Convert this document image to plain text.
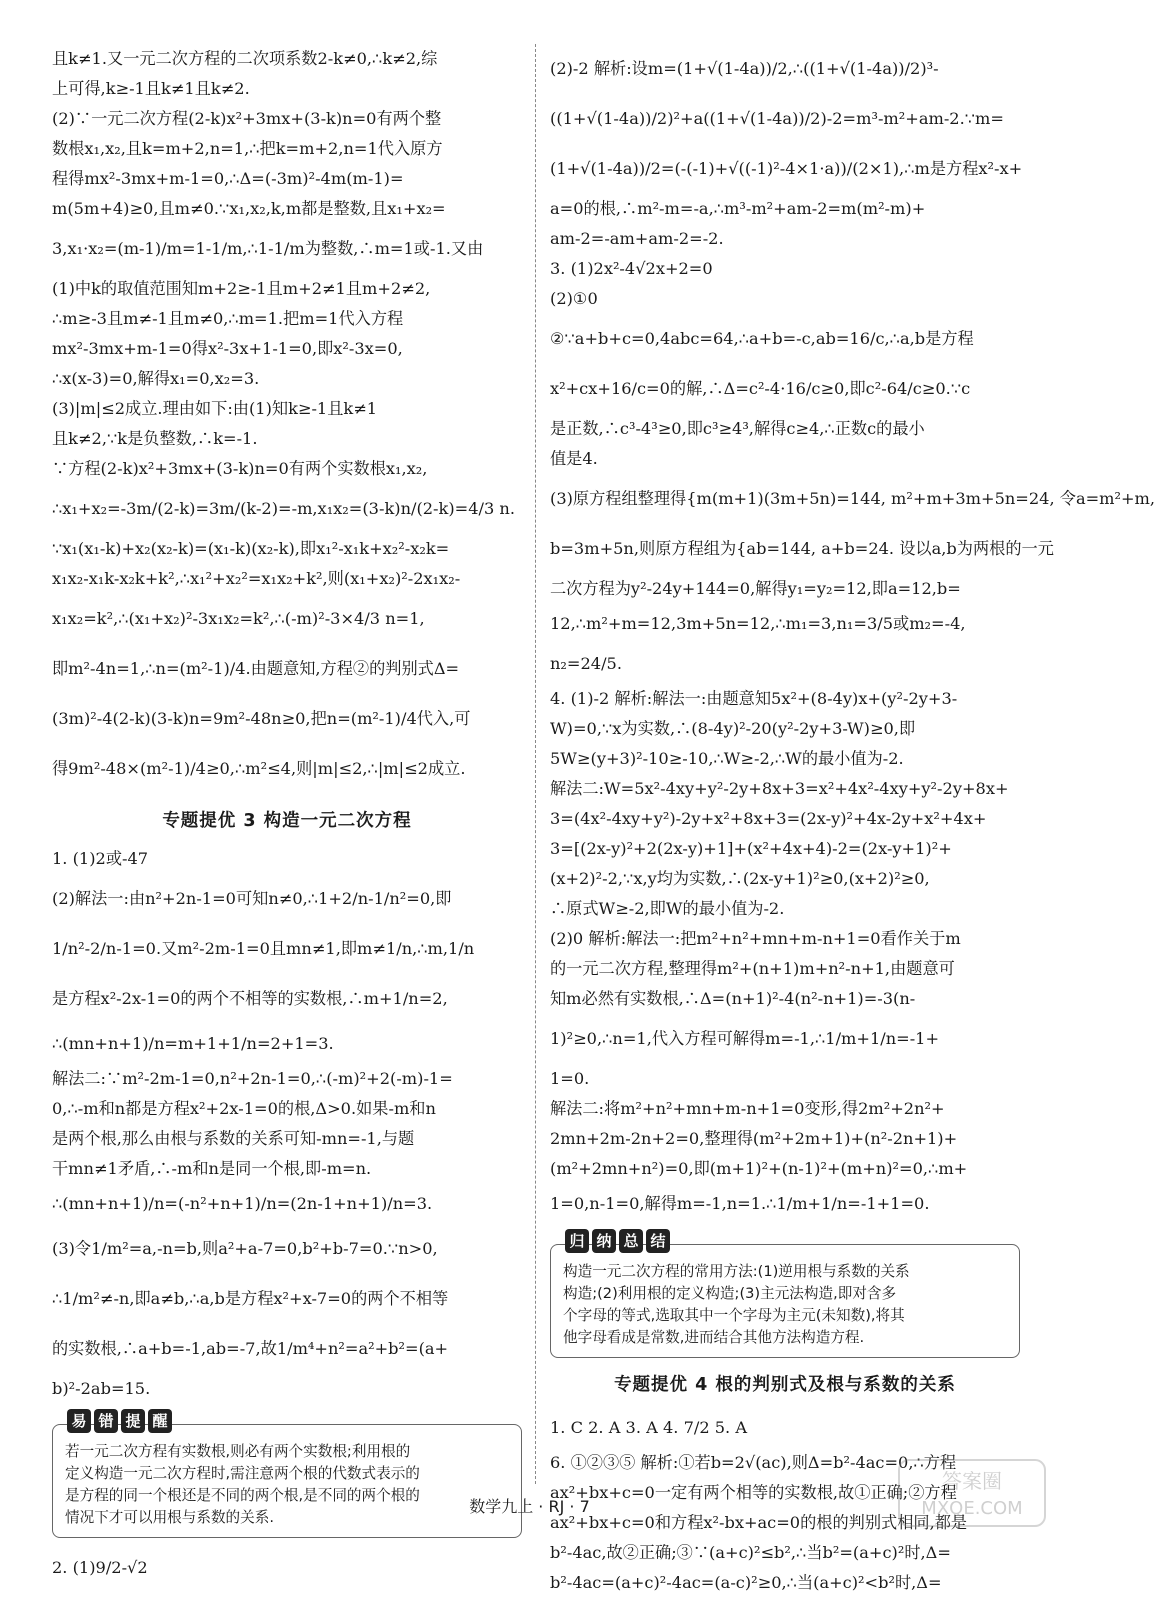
且k≠1.又一元二次方程的二次项系数2-k≠0,∴k≠2,综
上可得,k≥-1且k≠1且k≠2.
(2)∵一元二次方程(2-k)x²+3mx+(3-k)n=0有两个整
数根x₁,x₂,且k=m+2,n=1,∴把k=m+2,n=1代入原方
程得mx²-3mx+m-1=0,∴Δ=(-3m)²-4m(m-1)=
m(5m+4)≥0,且m≠0.∵x₁,x₂,k,m都是整数,且x₁+x₂=
3,x₁·x₂=(m-1)/m=1-1/m,∴1-1/m为整数,∴m=1或-1.又由
(1)中k的取值范围知m+2≥-1且m+2≠1且m+2≠2,
∴m≥-3且m≠-1且m≠0,∴m=1.把m=1代入方程
mx²-3mx+m-1=0得x²-3x+1-1=0,即x²-3x=0,
∴x(x-3)=0,解得x₁=0,x₂=3.
(3)|m|≤2成立.理由如下:由(1)知k≥-1且k≠1
且k≠2,∵k是负整数,∴k=-1.
∵方程(2-k)x²+3mx+(3-k)n=0有两个实数根x₁,x₂,
∴x₁+x₂=-3m/(2-k)=3m/(k-2)=-m,x₁x₂=(3-k)n/(2-k)=4/3 n.
∵x₁(x₁-k)+x₂(x₂-k)=(x₁-k)(x₂-k),即x₁²-x₁k+x₂²-x₂k=
x₁x₂-x₁k-x₂k+k²,∴x₁²+x₂²=x₁x₂+k²,则(x₁+x₂)²-2x₁x₂-
x₁x₂=k²,∴(x₁+x₂)²-3x₁x₂=k²,∴(-m)²-3×4/3 n=1,
即m²-4n=1,∴n=(m²-1)/4.由题意知,方程②的判别式Δ=
(3m)²-4(2-k)(3-k)n=9m²-48n≥0,把n=(m²-1)/4代入,可
得9m²-48×(m²-1)/4≥0,∴m²≤4,则|m|≤2,∴|m|≤2成立.
专题提优 3 构造一元二次方程
1. (1)2或-47
(2)解法一:由n²+2n-1=0可知n≠0,∴1+2/n-1/n²=0,即
1/n²-2/n-1=0.又m²-2m-1=0且mn≠1,即m≠1/n,∴m,1/n
是方程x²-2x-1=0的两个不相等的实数根,∴m+1/n=2,
∴(mn+n+1)/n=m+1+1/n=2+1=3.
解法二:∵m²-2m-1=0,n²+2n-1=0,∴(-m)²+2(-m)-1=
0,∴-m和n都是方程x²+2x-1=0的根,Δ>0.如果-m和n
是两个根,那么由根与系数的关系可知-mn=-1,与题
干mn≠1矛盾,∴-m和n是同一个根,即-m=n.
∴(mn+n+1)/n=(-n²+n+1)/n=(2n-1+n+1)/n=3.
(3)令1/m²=a,-n=b,则a²+a-7=0,b²+b-7=0.∵n>0,
∴1/m²≠-n,即a≠b,∴a,b是方程x²+x-7=0的两个不相等
的实数根,∴a+b=-1,ab=-7,故1/m⁴+n²=a²+b²=(a+
b)²-2ab=15.
易 错 提 醒
若一元二次方程有实数根,则必有两个实数根;利用根的
定义构造一元二次方程时,需注意两个根的代数式表示的
是方程的同一个根还是不同的两个根,是不同的两个根的
情况下才可以用根与系数的关系.
2. (1)9/2-√2
(2)-2 解析:设m=(1+√(1-4a))/2,∴((1+√(1-4a))/2)³-
((1+√(1-4a))/2)²+a((1+√(1-4a))/2)-2=m³-m²+am-2.∵m=
(1+√(1-4a))/2=(-(-1)+√((-1)²-4×1·a))/(2×1),∴m是方程x²-x+
a=0的根,∴m²-m=-a,∴m³-m²+am-2=m(m²-m)+
am-2=-am+am-2=-2.
3. (1)2x²-4√2x+2=0
(2)①0
②∵a+b+c=0,4abc=64,∴a+b=-c,ab=16/c,∴a,b是方程
x²+cx+16/c=0的解,∴Δ=c²-4·16/c≥0,即c²-64/c≥0.∵c
是正数,∴c³-4³≥0,即c³≥4³,解得c≥4,∴正数c的最小
值是4.
(3)原方程组整理得{m(m+1)(3m+5n)=144, m²+m+3m+5n=24, 令a=m²+m,
b=3m+5n,则原方程组为{ab=144, a+b=24. 设以a,b为两根的一元
二次方程为y²-24y+144=0,解得y₁=y₂=12,即a=12,b=
12,∴m²+m=12,3m+5n=12,∴m₁=3,n₁=3/5或m₂=-4,
n₂=24/5.
4. (1)-2 解析:解法一:由题意知5x²+(8-4y)x+(y²-2y+3-
W)=0,∵x为实数,∴(8-4y)²-20(y²-2y+3-W)≥0,即
5W≥(y+3)²-10≥-10,∴W≥-2,∴W的最小值为-2.
解法二:W=5x²-4xy+y²-2y+8x+3=x²+4x²-4xy+y²-2y+8x+
3=(4x²-4xy+y²)-2y+x²+8x+3=(2x-y)²+4x-2y+x²+4x+
3=[(2x-y)²+2(2x-y)+1]+(x²+4x+4)-2=(2x-y+1)²+
(x+2)²-2,∵x,y均为实数,∴(2x-y+1)²≥0,(x+2)²≥0,
∴原式W≥-2,即W的最小值为-2.
(2)0 解析:解法一:把m²+n²+mn+m-n+1=0看作关于m
的一元二次方程,整理得m²+(n+1)m+n²-n+1,由题意可
知m必然有实数根,∴Δ=(n+1)²-4(n²-n+1)=-3(n-
1)²≥0,∴n=1,代入方程可解得m=-1,∴1/m+1/n=-1+
1=0.
解法二:将m²+n²+mn+m-n+1=0变形,得2m²+2n²+
2mn+2m-2n+2=0,整理得(m²+2m+1)+(n²-2n+1)+
(m²+2mn+n²)=0,即(m+1)²+(n-1)²+(m+n)²=0,∴m+
1=0,n-1=0,解得m=-1,n=1.∴1/m+1/n=-1+1=0.
归 纳 总 结
构造一元二次方程的常用方法:(1)逆用根与系数的关系
构造;(2)利用根的定义构造;(3)主元法构造,即对含多
个字母的等式,选取其中一个字母为主元(未知数),将其
他字母看成是常数,进而结合其他方法构造方程.
专题提优 4 根的判别式及根与系数的关系
1. C 2. A 3. A 4. 7/2 5. A
6. ①②③⑤ 解析:①若b=2√(ac),则Δ=b²-4ac=0,∴方程
ax²+bx+c=0一定有两个相等的实数根,故①正确;②方程
ax²+bx+c=0和方程x²-bx+ac=0的根的判别式相同,都是
b²-4ac,故②正确;③∵(a+c)²≤b²,∴当b²=(a+c)²时,Δ=
b²-4ac=(a+c)²-4ac=(a-c)²≥0,∴当(a+c)²<b²时,Δ=
数学九上 · RJ · 7
答案圈
MXQE.COM
